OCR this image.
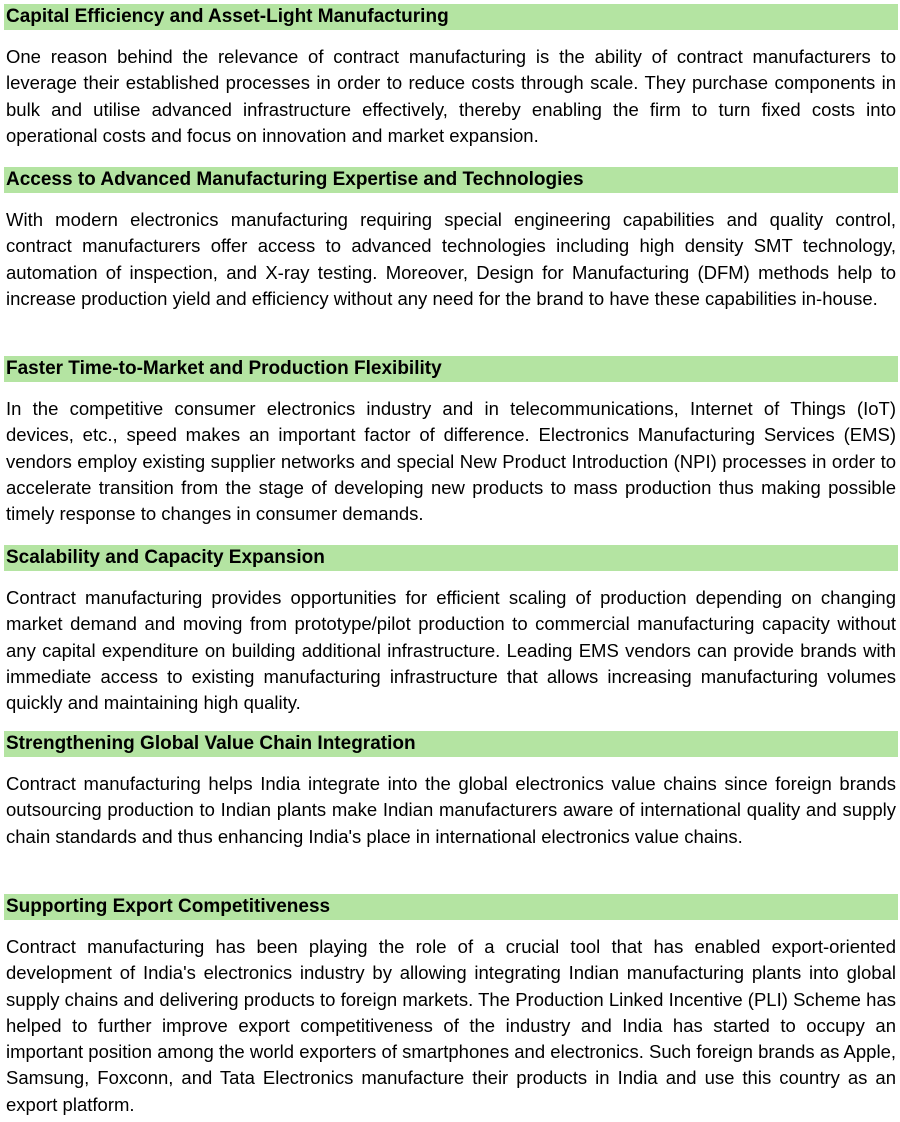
Capital Efficiency and Asset-Light Manufacturing

One reason behind the relevance of contract manufacturing is the ability of contract manufacturers to leverage their established processes in order to reduce costs through scale. They purchase components in bulk and utilise advanced infrastructure effectively, thereby enabling the firm to turn fixed costs into operational costs and focus on innovation and market expansion.

Access to Advanced Manufacturing Expertise and Technologies

With modern electronics manufacturing requiring special engineering capabilities and quality control, contract manufacturers offer access to advanced technologies including high density SMT technology, automation of inspection, and X-ray testing. Moreover, Design for Manufacturing (DFM) methods help to increase production yield and efficiency without any need for the brand to have these capabilities in-house.

Faster Time-to-Market and Production Flexibility

In the competitive consumer electronics industry and in telecommunications, Internet of Things (IoT) devices, etc., speed makes an important factor of difference. Electronics Manufacturing Services (EMS) vendors employ existing supplier networks and special New Product Introduction (NPI) processes in order to accelerate transition from the stage of developing new products to mass production thus making possible timely response to changes in consumer demands.

Scalability and Capacity Expansion

Contract manufacturing provides opportunities for efficient scaling of production depending on changing market demand and moving from prototype/pilot production to commercial manufacturing capacity without any capital expenditure on building additional infrastructure. Leading EMS vendors can provide brands with immediate access to existing manufacturing infrastructure that allows increasing manufacturing volumes quickly and maintaining high quality.

Strengthening Global Value Chain Integration

Contract manufacturing helps India integrate into the global electronics value chains since foreign brands outsourcing production to Indian plants make Indian manufacturers aware of international quality and supply chain standards and thus enhancing India's place in international electronics value chains.

Supporting Export Competitiveness

Contract manufacturing has been playing the role of a crucial tool that has enabled export-oriented development of India's electronics industry by allowing integrating Indian manufacturing plants into global supply chains and delivering products to foreign markets. The Production Linked Incentive (PLI) Scheme has helped to further improve export competitiveness of the industry and India has started to occupy an important position among the world exporters of smartphones and electronics. Such foreign brands as Apple, Samsung, Foxconn, and Tata Electronics manufacture their products in India and use this country as an export platform.
